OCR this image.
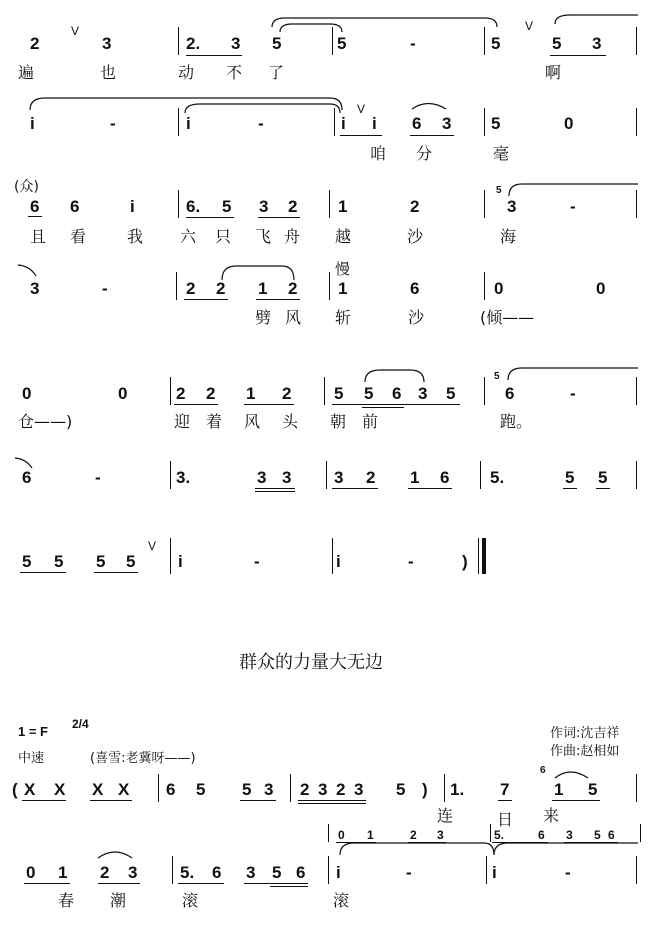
2	3
V
2. 3 5	5	-	5
V
5 3
遍	也	动 不 了	啊
i	-	i	-
V
i i 6 3 5	0
咱 分	毫
(众)
6 6	i	6. 5 3 2 1	2
5
3	-
且 看	我 六 只 飞 舟 越	沙	海
慢
3	-	2 2 1 2 1	6	0	0
劈 风 斩	沙	(倾——
0	0	2 2 1 2	5 5 6 3 5
5
6	-
仓——)	迎 着 风 头 朝 前	跑。
6	-	3.	3 3	3 2 1 6 5.	5 5
5 5 5 5
V
i	-	i	-	)
群众的力量大无边
1 = F 2/4
作词:沈吉祥
作曲:赵相如
中速	(喜雪:老冀呀——)
( X X X X 6 5 5 3 2 3 2 3 5 ) 1. 7
6
1 5
连	日 来
0 1	2 3	5.	6 3 5 6
0 1 2 3	5. 6 3 5 6 i	-	i	-
春 潮	滚	滚
